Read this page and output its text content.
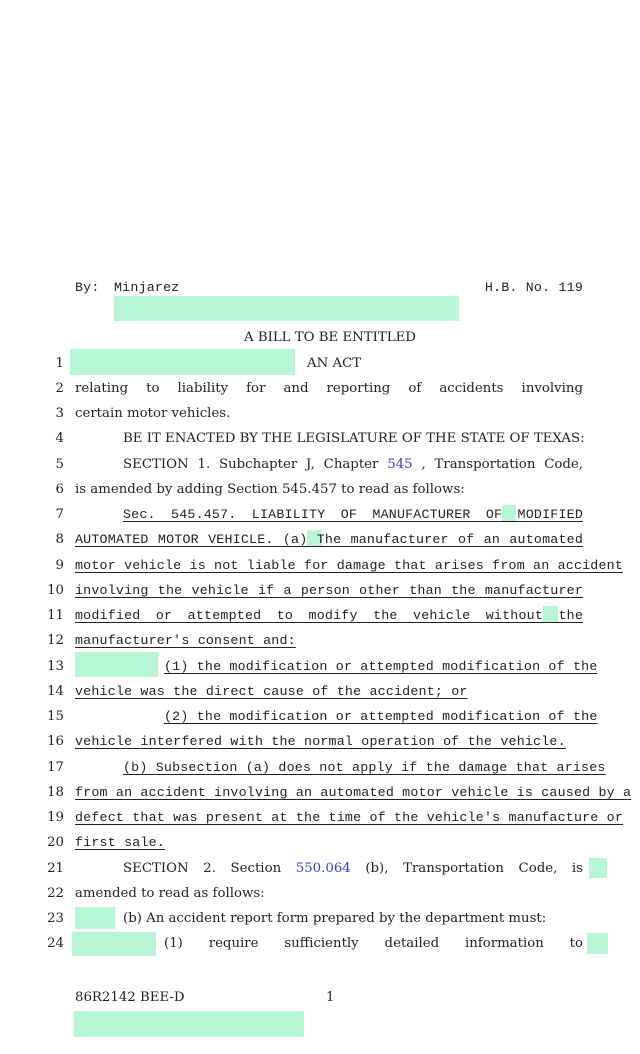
By: Minjarez	H.B. No. 119
A BILL TO BE ENTITLED
AN ACT
1
2
3
4
5
6
7
8
9
10
11
12
13
14
15
16
17
18
19
20
21
22
23
24
relating to liability for and reporting of accidents involving
certain motor vehicles.
BE IT ENACTED BY THE LEGISLATURE OF THE STATE OF TEXAS:
SECTION 1. Subchapter J, Chapter 545 , Transportation Code,
is amended by adding Section 545.457 to read as follows:
Sec. 545.457. LIABILITY OF MANUFACTURER OF MODIFIED
AUTOMATED MOTOR VEHICLE. (a) The manufacturer of an automated
motor vehicle is not liable for damage that arises from an accident
involving the vehicle if a person other than the manufacturer
modified or attempted to modify the vehicle without the
manufacturer's consent and:
(1) the modification or attempted modification of the
vehicle was the direct cause of the accident; or
(2) the modification or attempted modification of the
vehicle interfered with the normal operation of the vehicle.
(b) Subsection (a) does not apply if the damage that arises
from an accident involving an automated motor vehicle is caused by a
defect that was present at the time of the vehicle's manufacture or
first sale.
SECTION 2. Section 550.064 (b), Transportation Code, is
amended to read as follows:
(b) An accident report form prepared by the department must:
(1) require sufficiently detailed information to
86R2142 BEE-D	1
